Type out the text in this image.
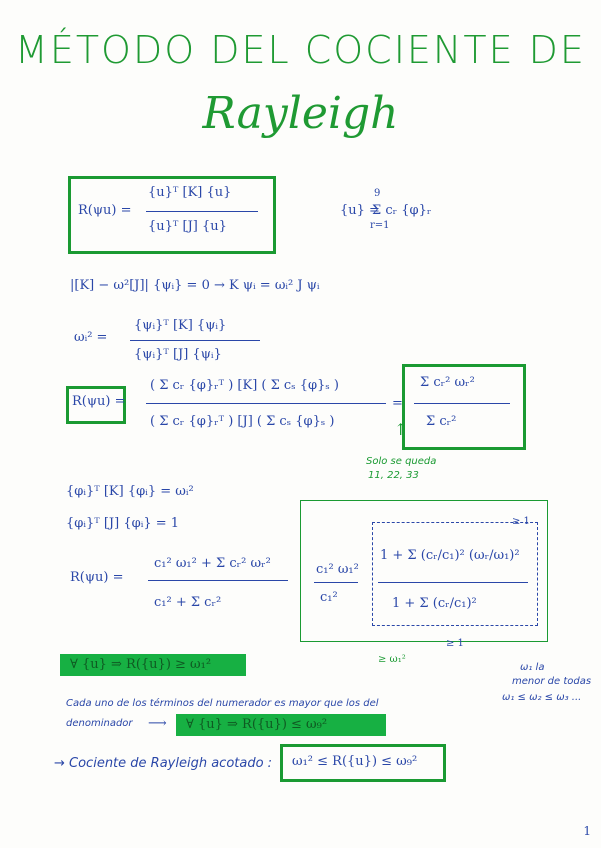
MÉTODO DEL COCIENTE DE
Rayleigh
R(ψu) =
{u}ᵀ [K] {u}
{u}ᵀ [J] {u}
{u} =
9
Σ cᵣ {φ}ᵣ
r=1
|[K] − ω²[J]| {ψᵢ} = 0 → K ψᵢ = ωᵢ² J ψᵢ
ωᵢ² =
{ψᵢ}ᵀ [K] {ψᵢ}
{ψᵢ}ᵀ [J] {ψᵢ}
R(ψu) =
( Σ cᵣ {φ}ᵣᵀ ) [K] ( Σ cₛ {φ}ₛ )
( Σ cᵣ {φ}ᵣᵀ ) [J] ( Σ cₛ {φ}ₛ )
=
Σ cᵣ² ωᵣ²
Σ cᵣ²
↑
Solo se queda
11, 22, 33
{φᵢ}ᵀ [K] {φᵢ} = ωᵢ²
{φᵢ}ᵀ [J] {φᵢ} = 1
R(ψu) =
c₁² ω₁² + Σ cᵣ² ωᵣ²
c₁² + Σ cᵣ²
c₁² ω₁²
c₁²
≥ 1
1 + Σ (cᵣ/c₁)² (ωᵣ/ω₁)²
1 + Σ (cᵣ/c₁)²
≥ 1
≥ ω₁²
ω₁ la
menor de todas
ω₁ ≤ ω₂ ≤ ω₃ ...
∀ {u} ⇒ R({u}) ≥ ω₁²
Cada uno de los términos del numerador es mayor que los del
denominador ⟶ ∀ {u} ⇒ R({u}) ≤ ω₉²
→ Cociente de Rayleigh acotado : ω₁² ≤ R({u}) ≤ ω₉²
1
